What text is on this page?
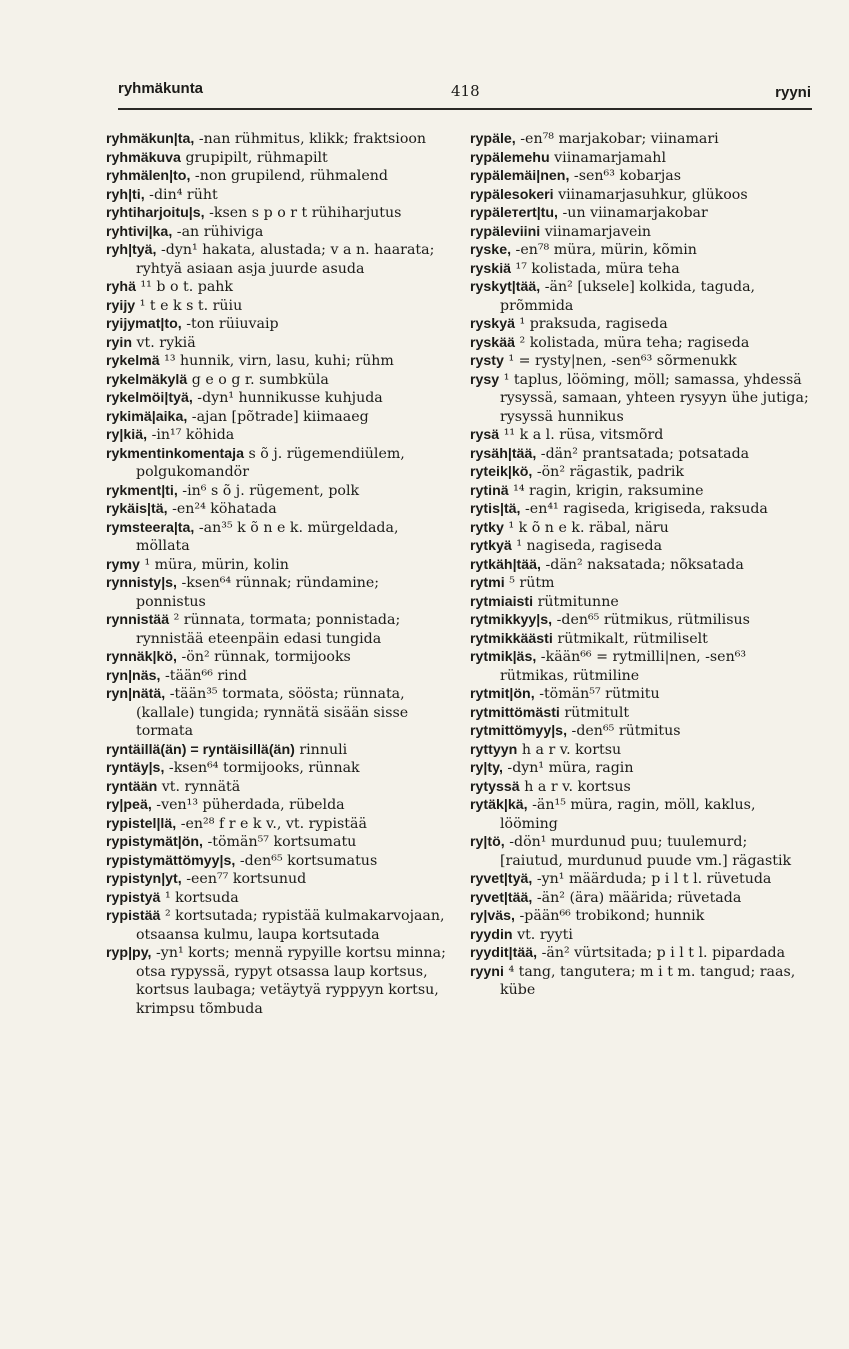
ryhmäkunta	418	ryyni

ryhmäkun|ta, -nan rühmitus, klikk; fraktsioon

ryhmäkuva grupipilt, rühmapilt

ryhmälen|to, -non grupilend, rühmalend

ryh|ti, -din⁴ rüht

ryhtiharjoitu|s, -ksen s p o r t rühiharjutus

ryhtivi|ka, -an rühiviga

ryh|tyä, -dyn¹ hakata, alustada; v a n. haarata; ryhtyä asiaan asja juurde asuda

ryhä ¹¹ b o t. pahk

ryijy ¹ t e k s t. rüiu

ryijymat|to, -ton rüiuvaip

ryin vt. rykiä

rykelmä ¹³ hunnik, virn, lasu, kuhi; rühm

rykelmäkylä g e o g r. sumbküla

rykelmöi|tyä, -dyn¹ hunnikusse kuhjuda

rykimä|aika, -ajan [põtrade] kiimaaeg

ry|kiä, -in¹⁷ köhida

rykmentinkomentaja s õ j. rügemendiülem, polgukomandör

rykment|ti, -in⁶ s õ j. rügement, polk

rykäis|tä, -en²⁴ köhatada

rymsteera|ta, -an³⁵ k õ n e k. mürgeldada, möllata

rymy ¹ müra, mürin, kolin

rynnisty|s, -ksen⁶⁴ rünnak; ründamine; ponnistus

rynnistää ² rünnata, tormata; ponnistada; rynnistää eteenpäin edasi tungida

rynnäk|kö, -ön² rünnak, tormijooks

ryn|näs, -tään⁶⁶ rind

ryn|nätä, -tään³⁵ tormata, söösta; rünnata, (kallale) tungida; rynnätä sisään sisse tormata

ryntäillä(än) = ryntäisillä(än) rinnuli

ryntäy|s, -ksen⁶⁴ tormijooks, rünnak

ryntään vt. rynnätä

ry|peä, -ven¹³ püherdada, rübelda

rypistel|lä, -en²⁸ f r e k v., vt. rypistää

rypistymät|ön, -tömän⁵⁷ kortsumatu

rypistymättömyy|s, -den⁶⁵ kortsumatus

rypistyn|yt, -een⁷⁷ kortsunud

rypistyä ¹ kortsuda

rypistää ² kortsutada; rypistää kulmakarvojaan, otsaansa kulmu, laupa kortsutada

ryp|py, -yn¹ korts; mennä rypyille kortsu minna; otsa rypyssä, rypyt otsassa laup kortsus, kortsus laubaga; vetäytyä ryppyyn kortsu, krimpsu tõmbuda

rypäle, -en⁷⁸ marjakobar; viinamari

rypälemehu viinamarjamahl

rypälemäi|nen, -sen⁶³ kobarjas

rypälesokeri viinamarjasuhkur, glükoos

rypälетert|tu, -un viinamarjakobar

rypäleviini viinamarjavein

ryske, -en⁷⁸ müra, mürin, kõmin

ryskiä ¹⁷ kolistada, müra teha

ryskyt|tää, -än² [uksele] kolkida, taguda, prõmmida

ryskyä ¹ praksuda, ragiseda

ryskää ² kolistada, müra teha; ragiseda

rysty ¹ = rysty|nen, -sen⁶³ sõrmenukk

rysy ¹ taplus, lööming, möll; samassa, yhdessä rysyssä, samaan, yhteen rysyyn ühe jutiga; rysyssä hunnikus

rysä ¹¹ k a l. rüsa, vitsmõrd

rysäh|tää, -dän² prantsatada; potsatada

ryteik|kö, -ön² rägastik, padrik

rytinä ¹⁴ ragin, krigin, raksumine

rytis|tä, -en⁴¹ ragiseda, krigiseda, raksuda

rytky ¹ k õ n e k. räbal, näru

rytkyä ¹ nagiseda, ragiseda

rytkäh|tää, -dän² naksatada; nõksatada

rytmi ⁵ rütm

rytmiaisti rütmitunne

rytmikkyy|s, -den⁶⁵ rütmikus, rütmilisus

rytmikkäästi rütmikalt, rütmiliselt

rytmik|äs, -kään⁶⁶ = rytmilli|nen, -sen⁶³ rütmikas, rütmiline

rytmit|ön, -tömän⁵⁷ rütmitu

rytmittömästi rütmitult

rytmittömyy|s, -den⁶⁵ rütmitus

ryttyyn h a r v. kortsu

ry|ty, -dyn¹ müra, ragin

rytyssä h a r v. kortsus

rytäk|kä, -än¹⁵ müra, ragin, möll, kaklus, lööming

ry|tö, -dön¹ murdunud puu; tuulemurd; [raiutud, murdunud puude vm.] rägastik

ryvet|tyä, -yn¹ määrduda; p i l t l. rüvetuda

ryvet|tää, -än² (ära) määrida; rüvetada

ry|väs, -pään⁶⁶ trobikond; hunnik

ryydin vt. ryyti

ryydit|tää, -än² vürtsitada; p i l t l. pipardada

ryyni ⁴ tang, tangutera; m i t m. tangud; raas, kübe
